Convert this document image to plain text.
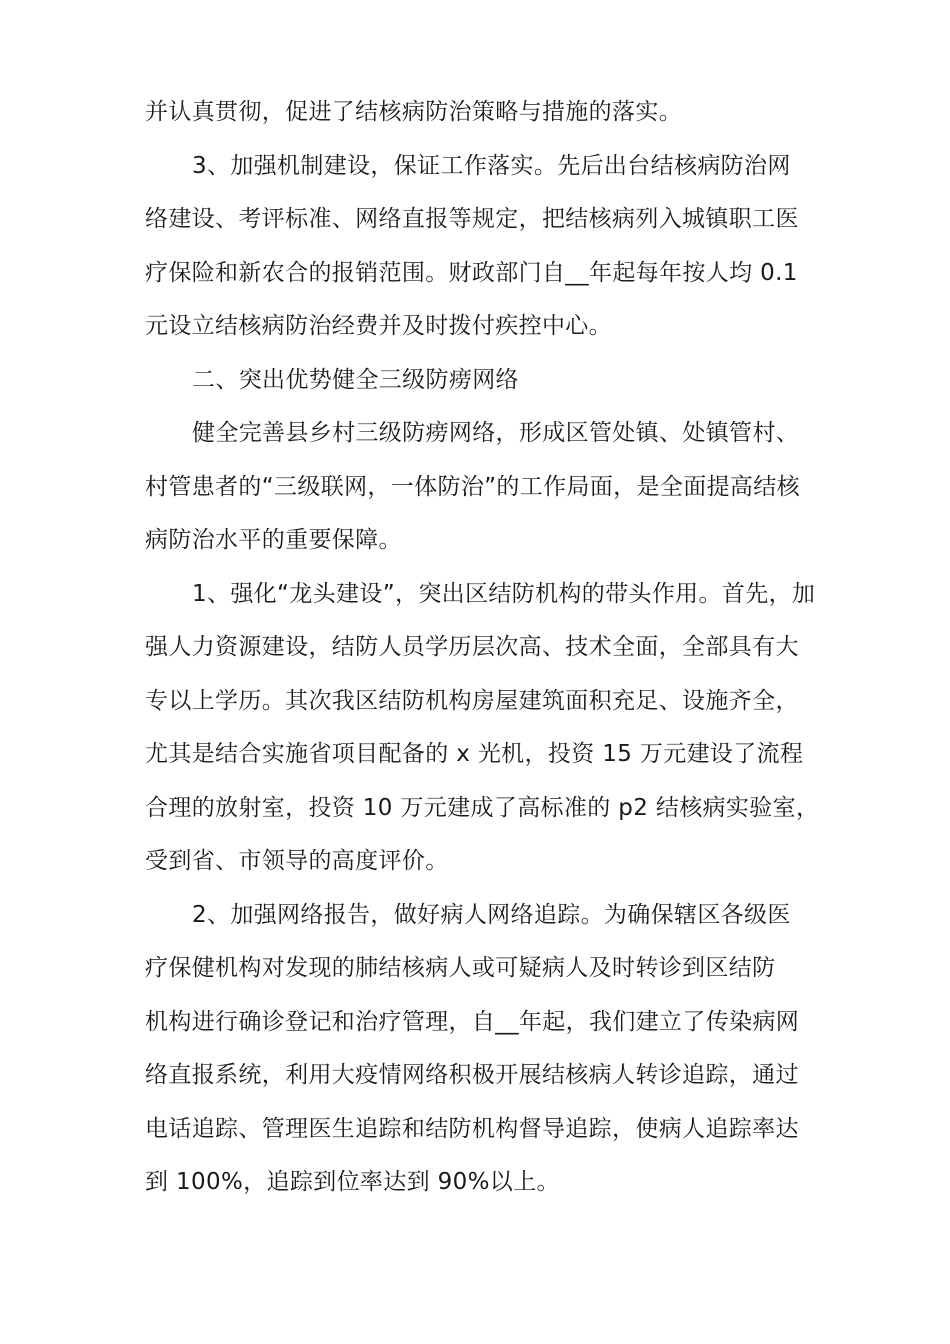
并认真贯彻，促进了结核病防治策略与措施的落实。
3、加强机制建设，保证工作落实。先后出台结核病防治网
络建设、考评标准、网络直报等规定，把结核病列入城镇职工医
疗保险和新农合的报销范围。财政部门自__年起每年按人均 0.1
元设立结核病防治经费并及时拨付疾控中心。
二、突出优势健全三级防痨网络
健全完善县乡村三级防痨网络，形成区管处镇、处镇管村、
村管患者的“三级联网，一体防治”的工作局面，是全面提高结核
病防治水平的重要保障。
1、强化“龙头建设”，突出区结防机构的带头作用。首先，加
强人力资源建设，结防人员学历层次高、技术全面，全部具有大
专以上学历。其次我区结防机构房屋建筑面积充足、设施齐全，
尤其是结合实施省项目配备的 x 光机，投资 15 万元建设了流程
合理的放射室，投资 10 万元建成了高标准的 p2 结核病实验室，
受到省、市领导的高度评价。
2、加强网络报告，做好病人网络追踪。为确保辖区各级医
疗保健机构对发现的肺结核病人或可疑病人及时转诊到区结防
机构进行确诊登记和治疗管理，自__年起，我们建立了传染病网
络直报系统，利用大疫情网络积极开展结核病人转诊追踪，通过
电话追踪、管理医生追踪和结防机构督导追踪，使病人追踪率达
到 100%，追踪到位率达到 90%以上。
